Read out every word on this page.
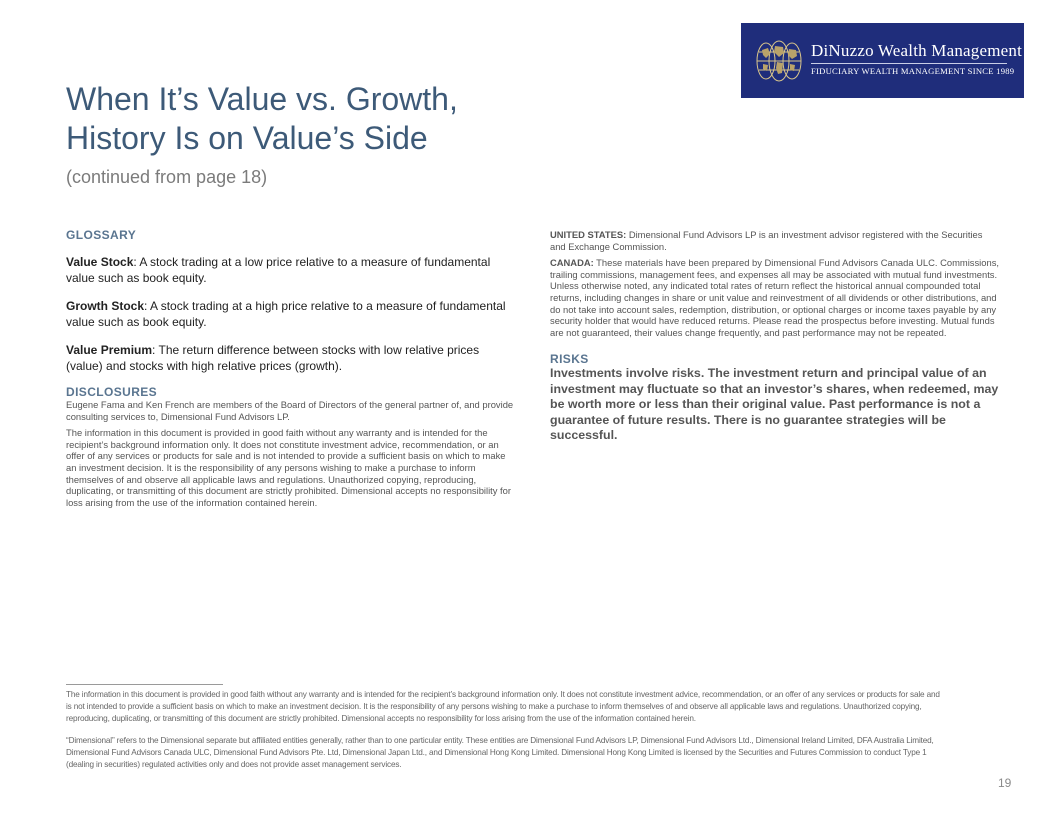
DiNuzzo Wealth Management
FIDUCIARY WEALTH MANAGEMENT SINCE 1989
When It’s Value vs. Growth,
History Is on Value’s Side
(continued from page 18)
GLOSSARY

Value Stock: A stock trading at a low price relative to a measure of fundamental value such as book equity.

Growth Stock: A stock trading at a high price relative to a measure of fundamental value such as book equity.

Value Premium: The return difference between stocks with low relative prices (value) and stocks with high relative prices (growth).

DISCLOSURES

Eugene Fama and Ken French are members of the Board of Directors of the general partner of, and provide consulting services to, Dimensional Fund Advisors LP.

The information in this document is provided in good faith without any warranty and is intended for the recipient’s background information only. It does not constitute investment advice, recommendation, or an offer of any services or products for sale and is not intended to provide a sufficient basis on which to make an investment decision. It is the responsibility of any persons wishing to make a purchase to inform themselves of and observe all applicable laws and regulations. Unauthorized copying, reproducing, duplicating, or transmitting of this document are strictly prohibited. Dimensional accepts no responsibility for loss arising from the use of the information contained herein.

UNITED STATES: Dimensional Fund Advisors LP is an investment advisor registered with the Securities and Exchange Commission.

CANADA: These materials have been prepared by Dimensional Fund Advisors Canada ULC. Commissions, trailing commissions, management fees, and expenses all may be associated with mutual fund investments. Unless otherwise noted, any indicated total rates of return reflect the historical annual compounded total returns, including changes in share or unit value and reinvestment of all dividends or other distributions, and do not take into account sales, redemption, distribution, or optional charges or income taxes payable by any security holder that would have reduced returns. Please read the prospectus before investing. Mutual funds are not guaranteed, their values change frequently, and past performance may not be repeated.

RISKS

Investments involve risks. The investment return and principal value of an investment may fluctuate so that an investor’s shares, when redeemed, may be worth more or less than their original value. Past performance is not a guarantee of future results. There is no guarantee strategies will be successful.

The information in this document is provided in good faith without any warranty and is intended for the recipient’s background information only. It does not constitute investment advice, recommendation, or an offer of any services or products for sale and is not intended to provide a sufficient basis on which to make an investment decision. It is the responsibility of any persons wishing to make a purchase to inform themselves of and observe all applicable laws and regulations. Unauthorized copying, reproducing, duplicating, or transmitting of this document are strictly prohibited. Dimensional accepts no responsibility for loss arising from the use of the information contained herein.

“Dimensional” refers to the Dimensional separate but affiliated entities generally, rather than to one particular entity. These entities are Dimensional Fund Advisors LP, Dimensional Fund Advisors Ltd., Dimensional Ireland Limited, DFA Australia Limited, Dimensional Fund Advisors Canada ULC, Dimensional Fund Advisors Pte. Ltd, Dimensional Japan Ltd., and Dimensional Hong Kong Limited. Dimensional Hong Kong Limited is licensed by the Securities and Futures Commission to conduct Type 1 (dealing in securities) regulated activities only and does not provide asset management services.

19
